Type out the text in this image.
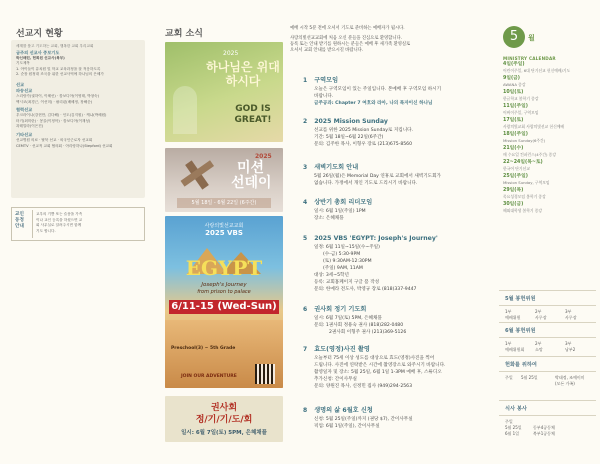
선교지 현황
세계를 품고 기도하는 교회, 행복한 교회 우리교회
금주의 선교사 중보기도
박신배린, 현희원 선교사(북부)
기도제목
1. 아이들이 유치원 및 학교 교육과정을 잘 적응하도록
2. 순장 원정대 조국을 위한 선교사역에 하나님의 은혜가
선교
파송선교
스리랑카(권하이, 이혜선) · 캄보디아(이영태, 박창숙)
멕시코(최경근, 이선미) · 필리핀(배혜정, 장해순)
협력선교
우크라이나(강현만, 김다해) · 인도(김지원) · 케냐(박혜원)
터키(최미란) · 몽골(이정아) · 캄보디아(이재성)
과테말라(이은진)
기타선교
선교병원 의료 · 탈북 선교 · 외국인근로자 선교회
CEMTV · 선교적 교회 협의회 · 아리랑하나(Stepford) 선교회
교인 동정 안내
교우의 기쁨 또는 슬픔을 가족
이나 교인 등록을 하셨으면 교
회 사무실로 알려주시면 함께
기도 합니다.
교회 소식
2025
하나님은 위대하시다
GOD IS GREAT!
2025
미션
선데이
5월 18일 - 6월 22일 (6주간)
사랑의빛선교교회
2025 VBS
EGYPT
Joseph's Journey
from prison to palace
6/11-15 (Wed-Sun)
Preschool(3) ~ 5th Grade
JOIN OUR ADVENTURE
권사회
정/기/기/도/회
일시: 6월 7일(토) 5PM, 은혜채플
예배 시작 5분 전에 오셔서 기도로 준비하는 예배자가 됩시다.
사랑의빛선교교회에 처음 오신 분들을 진심으로 환영합니다.
등록 또는 안내 받기를 원하시는 분들은 예배 후 새가족 환영실로
오셔서 교회 안내를 받으시길 바랍니다.
1 구역모임
오늘은 구역모임이 있는 주일입니다. 본예배 후 구역모임 하시기
바랍니다.
금주공과: Chapter 7 여호와 라아, 나의 목자이신 하나님
2 2025 Mission Sunday
선교를 위한 2025 Mission Sunday로 지킵니다.
기간: 5월 18일~6월 22일(6주간)
문의: 김주한 목사, 이형우 장로 (213)675-8560
3 새벽기도회 안내
5월 26일(월)은 Memorial Day 연휴로 교회에서 새벽기도회가
없습니다. 가정에서 개인 기도로 드리시기 바랍니다.
4 상반기 총회 리더모임
일시: 6월 1일(주일) 1PM
장소: 은혜채플
5 2025 VBS 'EGYPT: Joseph's Journey'
일정: 6월 11일~15일(수~주일)
(수-금) 5:30-9PM
(토) 9:30AM-12:30PM
(주일) 9AM, 11AM
대상: 3세~5학년
등록: 교회홈페이지 구글 폼 작성
문의: 한예라 전도사, 박영규 장로 (818)337-9447
6 권사회 정기 기도회
일시: 6월 7일(토) 5PM, 은혜채플
문의: 1권사회 정용숙 권사 (818)282-0480
2권사회 이형주 권사 (213)369-5126
7 효도(영정)사진 촬영
오늘부터 75세 이상 성도를 대상으로 효도(영정)사진을 찍어
드립니다. 사진에 연락받은 시간에 촬영장소로 와주시기 바랍니다.
촬영일자 및 장소: 5월 25일, 6월 1일 1-3PM 예배 후, 스튜디오
추가신청: 간이사무실
문의: 양원진 목사, 신정민 집사 (949)294-2563
8 생명의 삶 6월호 신청
신청: 5월 25일(주일)까지 (권당 $7), 간이사무실
픽업: 6월 1일(주일), 간이사무실
5	월
MINISTRY CALENDAR
4일(주일)
어린이주일, 6대 단기선교 헌신예배/기도
9일(금)
AWANA 종강
10일(토)
한글학교 봄학기 종강
11일(주일)
어버이주일, 구역모임
17일(토)
사랑의빛교회 사랑의빛선교 헌신예배
18일(주일)
Mission Sunday(6주간)
21일(수)
매 수요일 컨퍼런스(4주간) 종강
22~24일(목~토)
한국어 단기선교
25일(주일)
Mission Sunday, 구역모임
29일(목)
목요성경모임 봄학기 종강
30일(금)
해외대학생 봄학기 종강
5월 봉헌위원
1부	2부	3부
예배위원	사무장	사무장
6월 봉헌위원
1부	2부	3부
예배위원회	소망	남부2
헌화를 위하여
주일	5월 25일	박태정, 조예이미
(모든 가족)
식사 봉사
주일
5월 25일	동부4공동체
6월 1일	북부1공동체
